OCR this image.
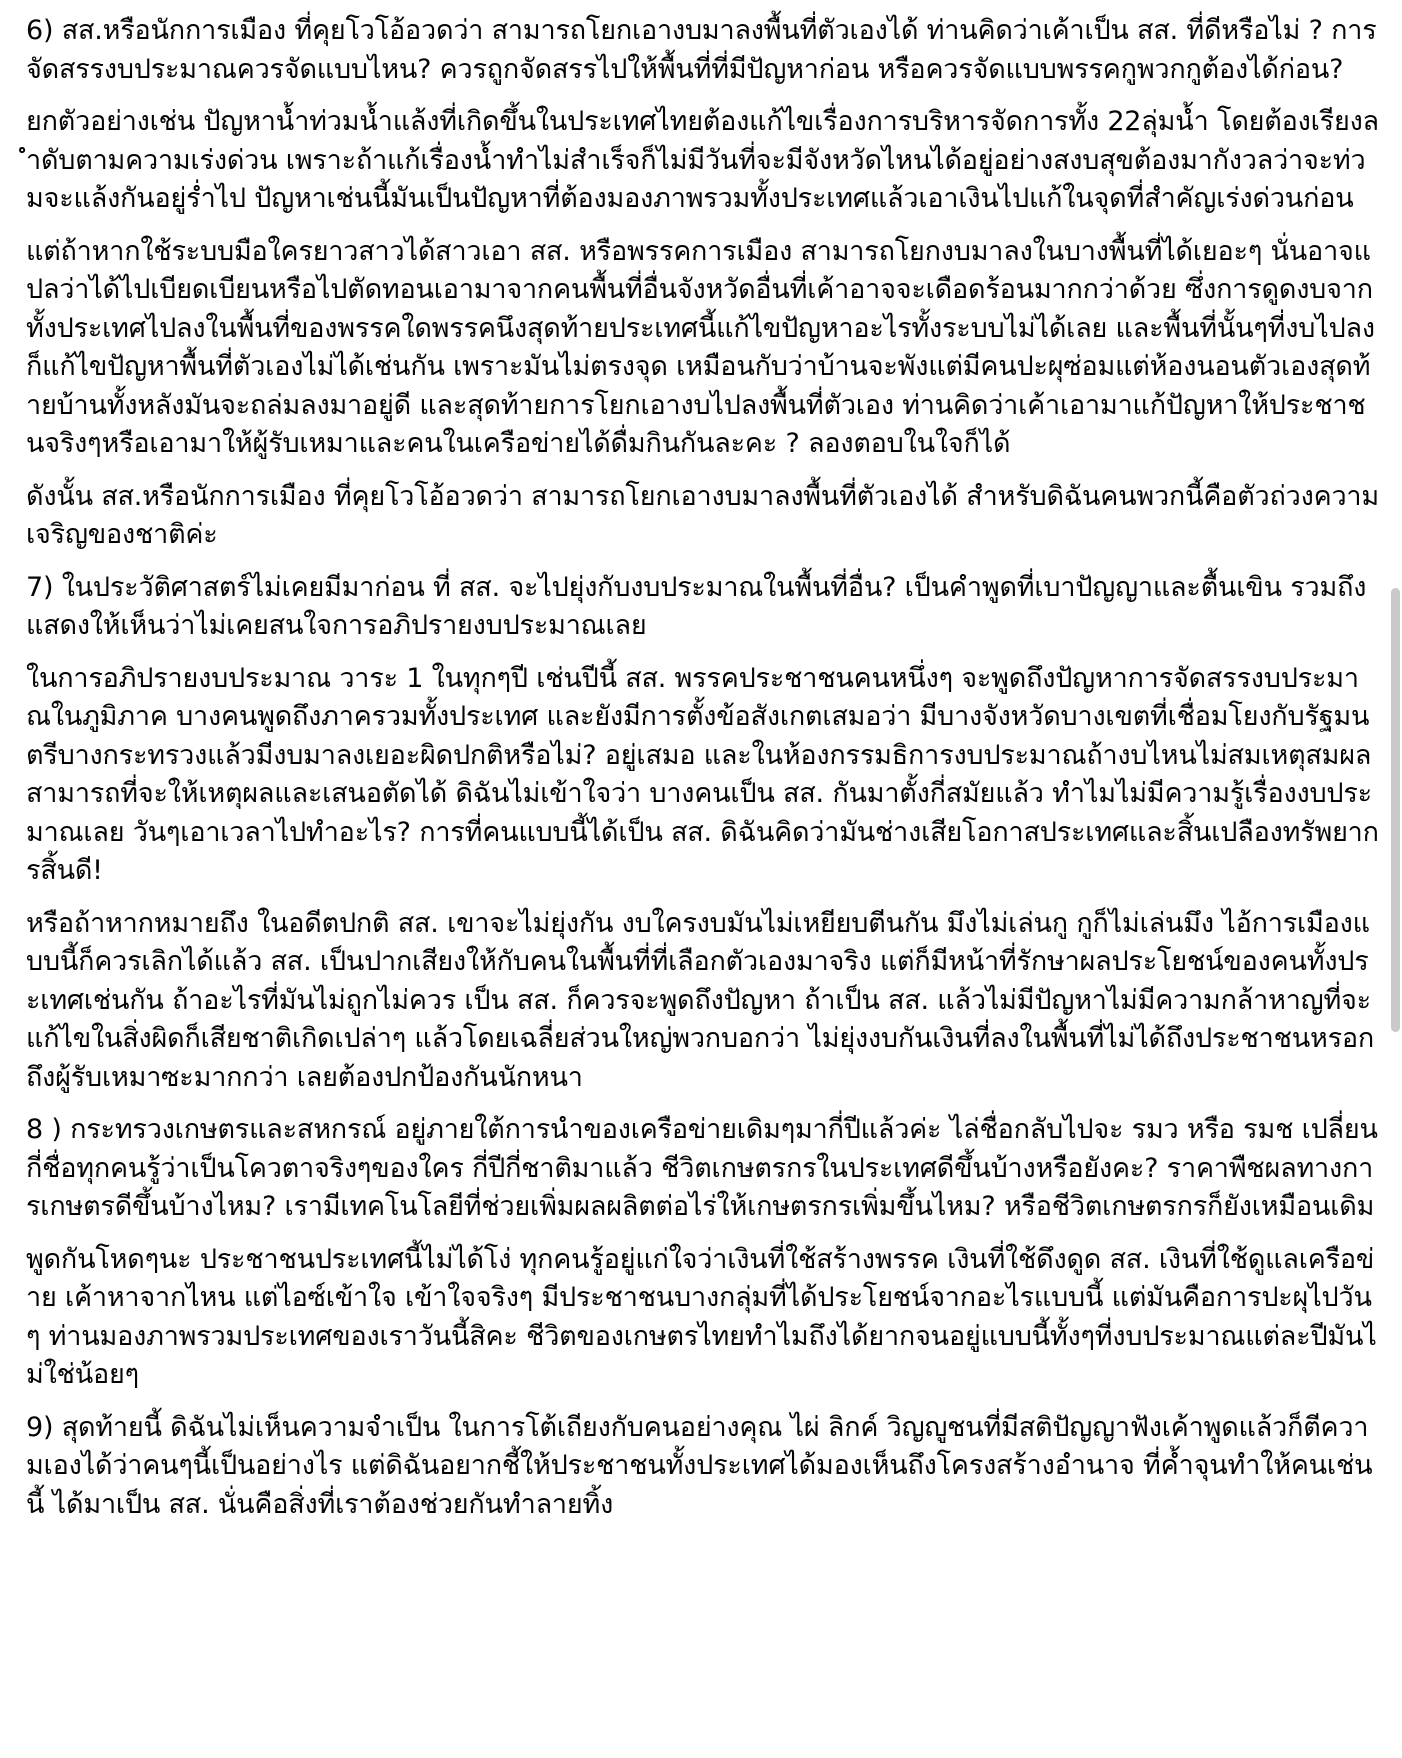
6) สส.หรือนักการเมือง ที่คุยโวโอ้อวดว่า สามารถโยกเอางบมาลงพื้นที่ตัวเองได้ ท่านคิดว่าเค้าเป็น สส. ที่ดีหรือไม่ ? การจัดสรรงบประมาณควรจัดแบบไหน? ควรถูกจัดสรรไปให้พื้นที่ที่มีปัญหาก่อน หรือควรจัดแบบพรรคกูพวกกูต้องได้ก่อน?

ยกตัวอย่างเช่น ปัญหาน้ำท่วมน้ำแล้งที่เกิดขึ้นในประเทศไทยต้องแก้ไขเรื่องการบริหารจัดการทั้ง 22ลุ่มน้ำ โดยต้องเรียงลำดับตามความเร่งด่วน เพราะถ้าแก้เรื่องน้ำทำไม่สำเร็จก็ไม่มีวันที่จะมีจังหวัดไหนได้อยู่อย่างสงบสุขต้องมากังวลว่าจะท่วมจะแล้งกันอยู่ร่ำไป ปัญหาเช่นนี้มันเป็นปัญหาที่ต้องมองภาพรวมทั้งประเทศแล้วเอาเงินไปแก้ในจุดที่สำคัญเร่งด่วนก่อน

แต่ถ้าหากใช้ระบบมือใครยาวสาวได้สาวเอา สส. หรือพรรคการเมือง สามารถโยกงบมาลงในบางพื้นที่ได้เยอะๆ นั่นอาจแปลว่าได้ไปเบียดเบียนหรือไปตัดทอนเอามาจากคนพื้นที่อื่นจังหวัดอื่นที่เค้าอาจจะเดือดร้อนมากกว่าด้วย ซึ่งการดูดงบจากทั้งประเทศไปลงในพื้นที่ของพรรคใดพรรคนึงสุดท้ายประเทศนี้แก้ไขปัญหาอะไรทั้งระบบไม่ได้เลย และพื้นที่นั้นๆที่งบไปลงก็แก้ไขปัญหาพื้นที่ตัวเองไม่ได้เช่นกัน เพราะมันไม่ตรงจุด เหมือนกับว่าบ้านจะพังแต่มีคนปะผุซ่อมแต่ห้องนอนตัวเองสุดท้ายบ้านทั้งหลังมันจะถล่มลงมาอยู่ดี และสุดท้ายการโยกเอางบไปลงพื้นที่ตัวเอง ท่านคิดว่าเค้าเอามาแก้ปัญหาให้ประชาชนจริงๆหรือเอามาให้ผู้รับเหมาและคนในเครือข่ายได้ดื่มกินกันละคะ ? ลองตอบในใจก็ได้

ดังนั้น สส.หรือนักการเมือง ที่คุยโวโอ้อวดว่า สามารถโยกเอางบมาลงพื้นที่ตัวเองได้ สำหรับดิฉันคนพวกนี้คือตัวถ่วงความเจริญของชาติค่ะ

7) ในประวัติศาสตร์ไม่เคยมีมาก่อน ที่ สส. จะไปยุ่งกับงบประมาณในพื้นที่อื่น? เป็นคำพูดที่เบาปัญญาและตื้นเขิน รวมถึงแสดงให้เห็นว่าไม่เคยสนใจการอภิปรายงบประมาณเลย

ในการอภิปรายงบประมาณ วาระ 1 ในทุกๆปี เช่นปีนี้ สส. พรรคประชาชนคนหนึ่งๆ จะพูดถึงปัญหาการจัดสรรงบประมาณในภูมิภาค บางคนพูดถึงภาครวมทั้งประเทศ และยังมีการตั้งข้อสังเกตเสมอว่า มีบางจังหวัดบางเขตที่เชื่อมโยงกับรัฐมนตรีบางกระทรวงแล้วมีงบมาลงเยอะผิดปกติหรือไม่? อยู่เสมอ และในห้องกรรมธิการงบประมาณถ้างบไหนไม่สมเหตุสมผล สามารถที่จะให้เหตุผลและเสนอตัดได้ ดิฉันไม่เข้าใจว่า บางคนเป็น สส. กันมาตั้งกี่สมัยแล้ว ทำไมไม่มีความรู้เรื่องงบประมาณเลย วันๆเอาเวลาไปทำอะไร? การที่คนแบบนี้ได้เป็น สส. ดิฉันคิดว่ามันช่างเสียโอกาสประเทศและสิ้นเปลืองทรัพยากรสิ้นดี!

หรือถ้าหากหมายถึง ในอดีตปกติ สส. เขาจะไม่ยุ่งกัน งบใครงบมันไม่เหยียบตีนกัน มึงไม่เล่นกู กูก็ไม่เล่นมึง ไอ้การเมืองแบบนี้ก็ควรเลิกได้แล้ว สส. เป็นปากเสียงให้กับคนในพื้นที่ที่เลือกตัวเองมาจริง แต่ก็มีหน้าที่รักษาผลประโยชน์ของคนทั้งประเทศเช่นกัน ถ้าอะไรที่มันไม่ถูกไม่ควร เป็น สส. ก็ควรจะพูดถึงปัญหา ถ้าเป็น สส. แล้วไม่มีปัญหาไม่มีความกล้าหาญที่จะแก้ไขในสิ่งผิดก็เสียชาติเกิดเปล่าๆ แล้วโดยเฉลี่ยส่วนใหญ่พวกบอกว่า ไม่ยุ่งงบกันเงินที่ลงในพื้นที่ไม่ได้ถึงประชาชนหรอก ถึงผู้รับเหมาซะมากกว่า เลยต้องปกป้องกันนักหนา

8 ) กระทรวงเกษตรและสหกรณ์ อยู่ภายใต้การนำของเครือข่ายเดิมๆมากี่ปีแล้วค่ะ ไล่ชื่อกลับไปจะ รมว หรือ รมช เปลี่ยนกี่ชื่อทุกคนรู้ว่าเป็นโควตาจริงๆของใคร กี่ปีกี่ชาติมาแล้ว ชีวิตเกษตรกรในประเทศดีขึ้นบ้างหรือยังคะ? ราคาพืชผลทางการเกษตรดีขึ้นบ้างไหม? เรามีเทคโนโลยีที่ช่วยเพิ่มผลผลิตต่อไร่ให้เกษตรกรเพิ่มขึ้นไหม? หรือชีวิตเกษตรกรก็ยังเหมือนเดิม

พูดกันโหดๆนะ ประชาชนประเทศนี้ไม่ได้โง่ ทุกคนรู้อยู่แก่ใจว่าเงินที่ใช้สร้างพรรค เงินที่ใช้ดึงดูด สส. เงินที่ใช้ดูแลเครือข่าย เค้าหาจากไหน แต่ไอซ์เข้าใจ เข้าใจจริงๆ มีประชาชนบางกลุ่มที่ได้ประโยชน์จากอะไรแบบนี้ แต่มันคือการปะผุไปวันๆ ท่านมองภาพรวมประเทศของเราวันนี้สิคะ ชีวิตของเกษตรไทยทำไมถึงได้ยากจนอยู่แบบนี้ทั้งๆที่งบประมาณแต่ละปีมันไม่ใช่น้อยๆ

9) สุดท้ายนี้ ดิฉันไม่เห็นความจำเป็น ในการโต้เถียงกับคนอย่างคุณ ไผ่ ลิกค์ วิญญูชนที่มีสติปัญญาฟังเค้าพูดแล้วก็ตีความเองได้ว่าคนๆนี้เป็นอย่างไร แต่ดิฉันอยากชี้ให้ประชาชนทั้งประเทศได้มองเห็นถึงโครงสร้างอำนาจ ที่ค้ำจุนทำให้คนเช่นนี้ ได้มาเป็น สส. นั่นคือสิ่งที่เราต้องช่วยกันทำลายทิ้ง
